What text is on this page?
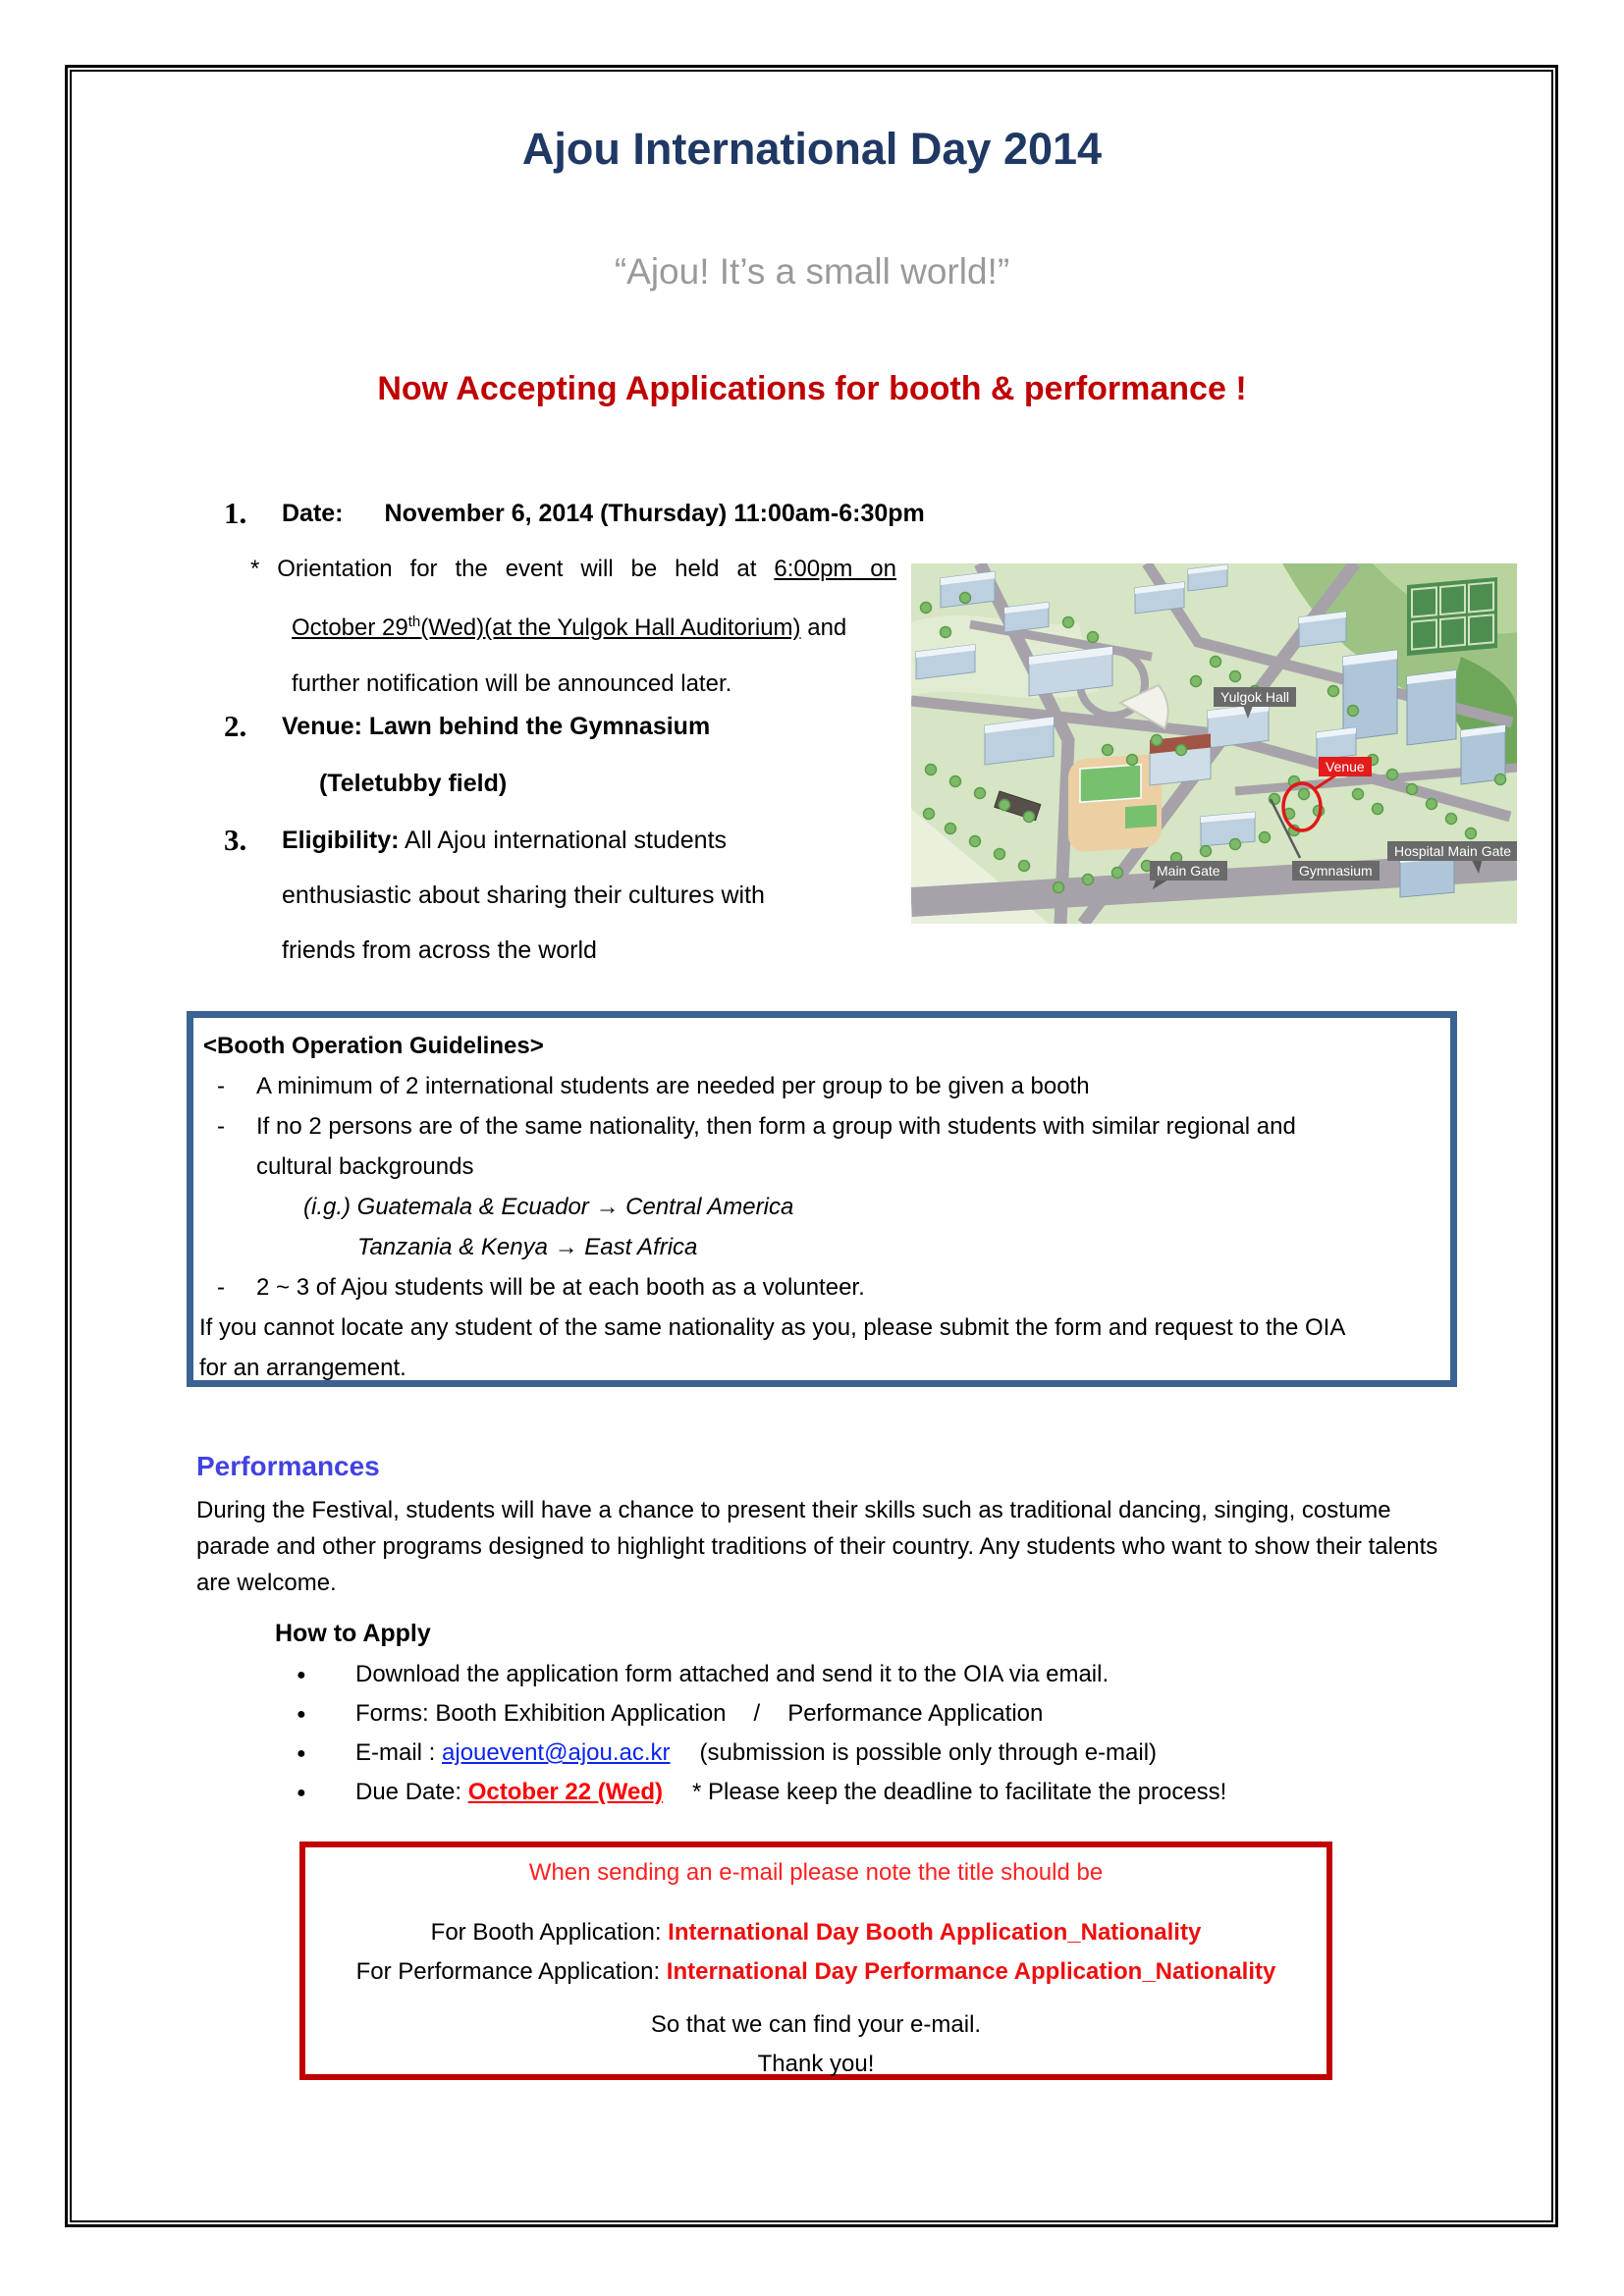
Ajou International Day 2014
“Ajou! It’s a small world!”
Now Accepting Applications for booth & performance !
1. Date: November 6, 2014 (Thursday) 11:00am-6:30pm
* Orientation for the event will be held at 6:00pm on
October 29th(Wed)(at the Yulgok Hall Auditorium) and
further notification will be announced later.
2. Venue: Lawn behind the Gymnasium
(Teletubby field)
3. Eligibility: All Ajou international students
enthusiastic about sharing their cultures with
friends from across the world
Yulgok Hall
Venue
Main Gate	Gymnasium
Hospital Main Gate
<Booth Operation Guidelines>
- A minimum of 2 international students are needed per group to be given a booth
- If no 2 persons are of the same nationality, then form a group with students with similar regional and
cultural backgrounds
(i.g.) Guatemala & Ecuador → Central America
Tanzania & Kenya → East Africa
- 2 ~ 3 of Ajou students will be at each booth as a volunteer.
If you cannot locate any student of the same nationality as you, please submit the form and request to the OIA
for an arrangement.
Performances
During the Festival, students will have a chance to present their skills such as traditional dancing, singing, costume parade and other programs designed to highlight traditions of their country. Any students who want to show their talents are welcome.
How to Apply
● Download the application form attached and send it to the OIA via email.
● Forms: Booth Exhibition Application / Performance Application
● E-mail : ajouevent@ajou.ac.kr (submission is possible only through e-mail)
● Due Date: October 22 (Wed) * Please keep the deadline to facilitate the process!
When sending an e-mail please note the title should be
For Booth Application: International Day Booth Application_Nationality
For Performance Application: International Day Performance Application_Nationality
So that we can find your e-mail.
Thank you!
